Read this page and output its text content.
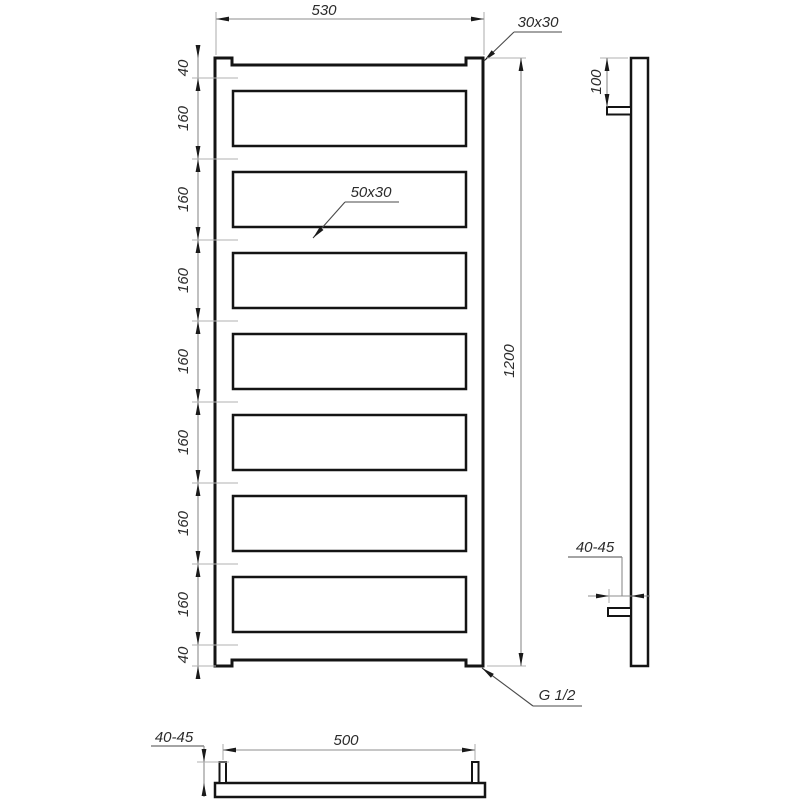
530
30x30
50x30
G 1/2
1200
40
160
160
160
160
160
160
160
40
100
40-45
500
40-45
